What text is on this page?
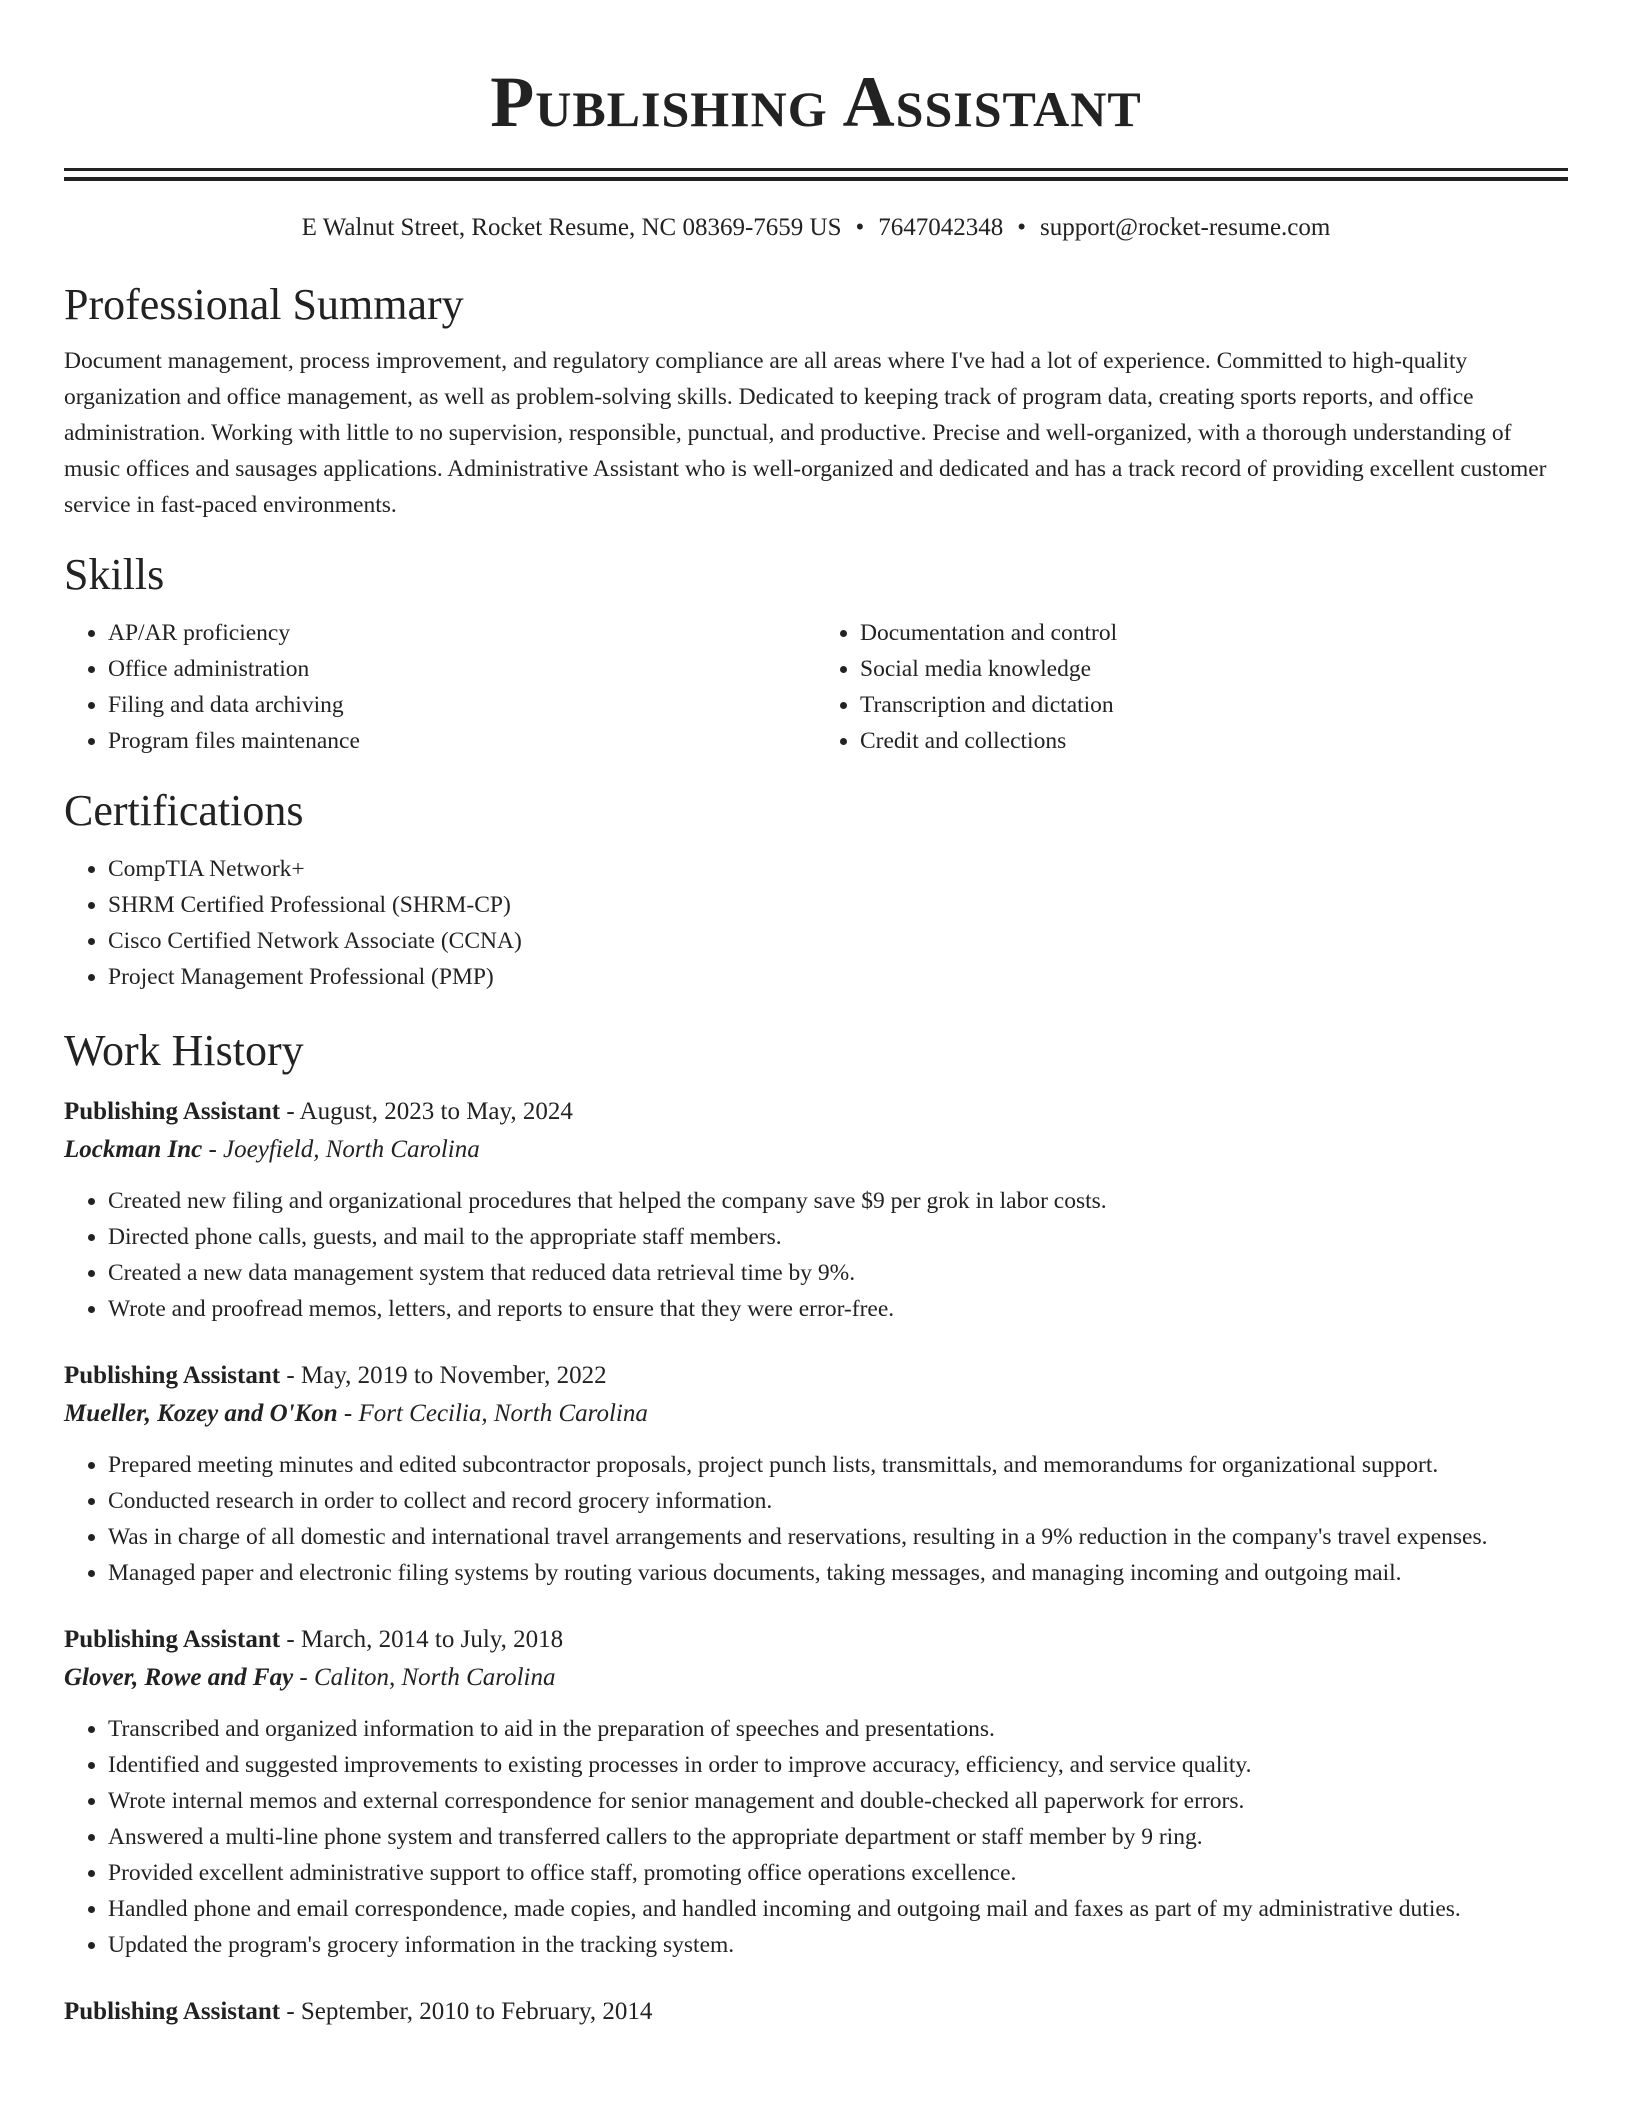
Publishing Assistant
E Walnut Street, Rocket Resume, NC 08369-7659 US • 7647042348 • support@rocket-resume.com
Professional Summary

Document management, process improvement, and regulatory compliance are all areas where I've had a lot of experience. Committed to high-quality organization and office management, as well as problem-solving skills. Dedicated to keeping track of program data, creating sports reports, and office administration. Working with little to no supervision, responsible, punctual, and productive. Precise and well-organized, with a thorough understanding of music offices and sausages applications. Administrative Assistant who is well-organized and dedicated and has a track record of providing excellent customer service in fast-paced environments.

Skills
• AP/AR proficiency
• Office administration
• Filing and data archiving
• Program files maintenance
• Documentation and control
• Social media knowledge
• Transcription and dictation
• Credit and collections
Certifications
• CompTIA Network+
• SHRM Certified Professional (SHRM-CP)
• Cisco Certified Network Associate (CCNA)
• Project Management Professional (PMP)
Work History
Publishing Assistant - August, 2023 to May, 2024
Lockman Inc - Joeyfield, North Carolina
• Created new filing and organizational procedures that helped the company save $9 per grok in labor costs.
• Directed phone calls, guests, and mail to the appropriate staff members.
• Created a new data management system that reduced data retrieval time by 9%.
• Wrote and proofread memos, letters, and reports to ensure that they were error-free.
Publishing Assistant - May, 2019 to November, 2022
Mueller, Kozey and O'Kon - Fort Cecilia, North Carolina
• Prepared meeting minutes and edited subcontractor proposals, project punch lists, transmittals, and memorandums for organizational support.
• Conducted research in order to collect and record grocery information.
• Was in charge of all domestic and international travel arrangements and reservations, resulting in a 9% reduction in the company's travel expenses.
• Managed paper and electronic filing systems by routing various documents, taking messages, and managing incoming and outgoing mail.
Publishing Assistant - March, 2014 to July, 2018
Glover, Rowe and Fay - Caliton, North Carolina
• Transcribed and organized information to aid in the preparation of speeches and presentations.
• Identified and suggested improvements to existing processes in order to improve accuracy, efficiency, and service quality.
• Wrote internal memos and external correspondence for senior management and double-checked all paperwork for errors.
• Answered a multi-line phone system and transferred callers to the appropriate department or staff member by 9 ring.
• Provided excellent administrative support to office staff, promoting office operations excellence.
• Handled phone and email correspondence, made copies, and handled incoming and outgoing mail and faxes as part of my administrative duties.
• Updated the program's grocery information in the tracking system.
Publishing Assistant - September, 2010 to February, 2014
